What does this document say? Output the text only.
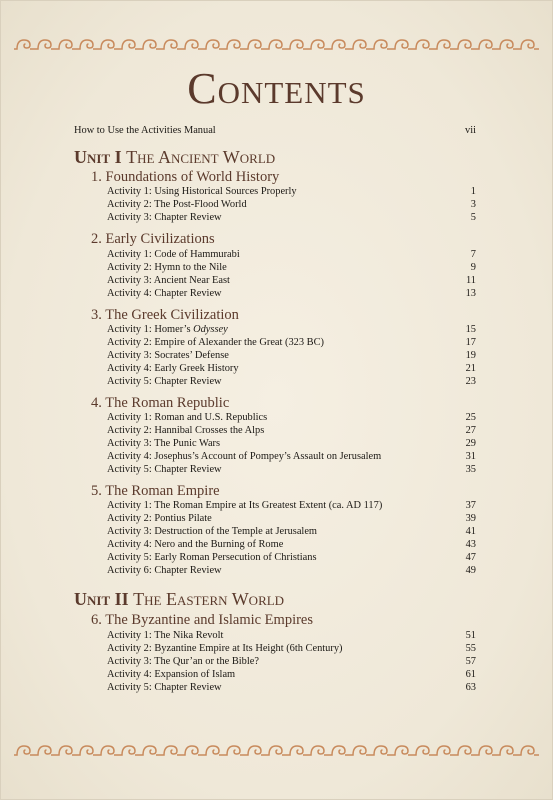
Contents
How to Use the Activities Manual	vii
Unit I The Ancient World
1. Foundations of World History
Activity 1: Using Historical Sources Properly	1
Activity 2: The Post-Flood World	3
Activity 3: Chapter Review	5
2. Early Civilizations
Activity 1: Code of Hammurabi	7
Activity 2: Hymn to the Nile	9
Activity 3: Ancient Near East	11
Activity 4: Chapter Review	13
3. The Greek Civilization
Activity 1: Homer’s Odyssey	15
Activity 2: Empire of Alexander the Great (323 BC)	17
Activity 3: Socrates’ Defense	19
Activity 4: Early Greek History	21
Activity 5: Chapter Review	23
4. The Roman Republic
Activity 1: Roman and U.S. Republics	25
Activity 2: Hannibal Crosses the Alps	27
Activity 3: The Punic Wars	29
Activity 4: Josephus’s Account of Pompey’s Assault on Jerusalem	31
Activity 5: Chapter Review	35
5. The Roman Empire
Activity 1: The Roman Empire at Its Greatest Extent (ca. AD 117)	37
Activity 2: Pontius Pilate	39
Activity 3: Destruction of the Temple at Jerusalem	41
Activity 4: Nero and the Burning of Rome	43
Activity 5: Early Roman Persecution of Christians	47
Activity 6: Chapter Review	49
Unit II The Eastern World
6. The Byzantine and Islamic Empires
Activity 1: The Nika Revolt	51
Activity 2: Byzantine Empire at Its Height (6th Century)	55
Activity 3: The Qur’an or the Bible?	57
Activity 4: Expansion of Islam	61
Activity 5: Chapter Review	63
